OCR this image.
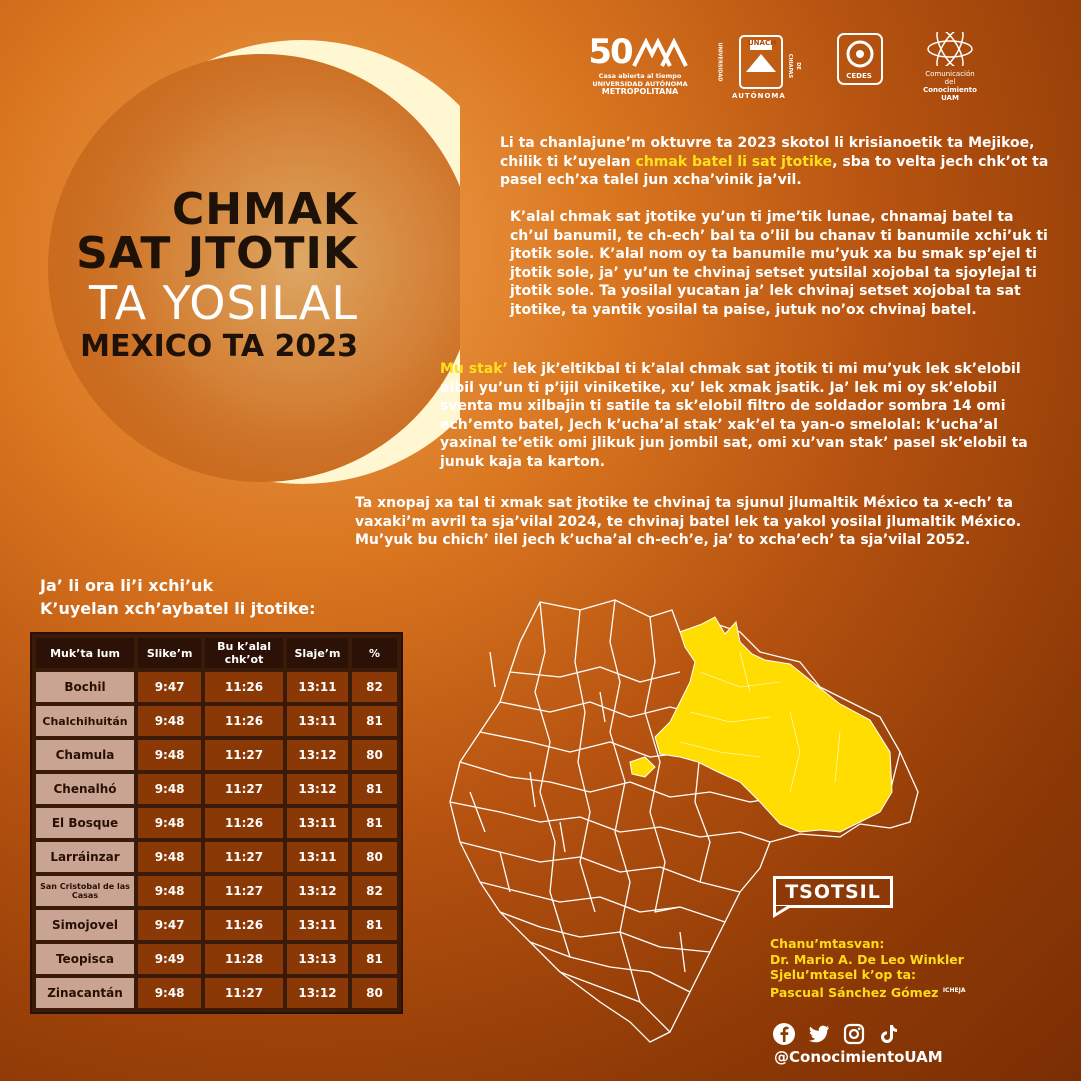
CHMAK
SAT JTOTIK
TA YOSILAL
MEXICO TA 2023
50
Casa abierta al tiempo
UNIVERSIDAD AUTÓNOMA
METROPOLITANA
UNACH
UNIVERSIDAD	DE CHIAPAS
AUTÓNOMA
CEDES	Comunicación del
Conocimiento
UAM
Li ta chanlajune’m oktuvre ta 2023 skotol li krisianoetik ta Mejikoe, chilik ti k’uyelan chmak batel li sat jtotike, sba to velta jech chk’ot ta pasel ech’xa talel jun xcha’vinik ja’vil.
K’alal chmak sat jtotike yu’un ti jme’tik lunae, chnamaj batel ta ch’ul banumil, te ch-ech’ bal ta o’lil bu chanav ti banumile xchi’uk ti jtotik sole. K’alal nom oy ta banumile mu’yuk xa bu smak sp’ejel ti jtotik sole, ja’ yu’un te chvinaj setset yutsilal xojobal ta sjoylejal ti jtotik sole. Ta yosilal yucatan ja’ lek chvinaj setset xojobal ta sat jtotike, ta yantik yosilal ta paise, jutuk no’ox chvinaj batel.
Mu stak’ lek jk’eltikbal ti k’alal chmak sat jtotik ti mi mu’yuk lek sk’elobil albil yu’un ti p’ijil viniketike, xu’ lek xmak jsatik. Ja’ lek mi oy sk’elobil sventa mu xilbajin ti satile ta sk’elobil filtro de soldador sombra 14 omi ech’emto batel, Jech k’ucha’al stak’ xak’el ta yan-o smelolal: k’ucha’al yaxinal te’etik omi jlikuk jun jombil sat, omi xu’van stak’ pasel sk’elobil ta junuk kaja ta karton.
Ta xnopaj xa tal ti xmak sat jtotike te chvinaj ta sjunul jlumaltik México ta x-ech’ ta vaxaki’m avril ta sja’vilal 2024, te chvinaj batel lek ta yakol yosilal jlumaltik México. Mu’yuk bu chich’ ilel jech k’ucha’al ch-ech’e, ja’ to xcha’ech’ ta sja’vilal 2052.
Ja’ li ora li’i xchi’uk
K’uyelan xch’aybatel li jtotike:
Muk’ta lum	Slike’m	Bu k’alal chk’ot	Slaje’m	%
Bochil	9:47	11:26	13:11	82
Chalchihuitán	9:48	11:26	13:11	81
Chamula	9:48	11:27	13:12	80
Chenalhó	9:48	11:27	13:12	81
El Bosque	9:48	11:26	13:11	81
Larráinzar	9:48	11:27	13:11	80
San Cristobal de las Casas	9:48	11:27	13:12	82
Simojovel	9:47	11:26	13:11	81
Teopisca	9:49	11:28	13:13	81
Zinacantán	9:48	11:27	13:12	80
TSOTSIL
Chanu’mtasvan:
Dr. Mario A. De Leo Winkler
Sjelu’mtasel k’op ta:
Pascual Sánchez Gómez $^{ICHEJA}$
@ConocimientoUAM
